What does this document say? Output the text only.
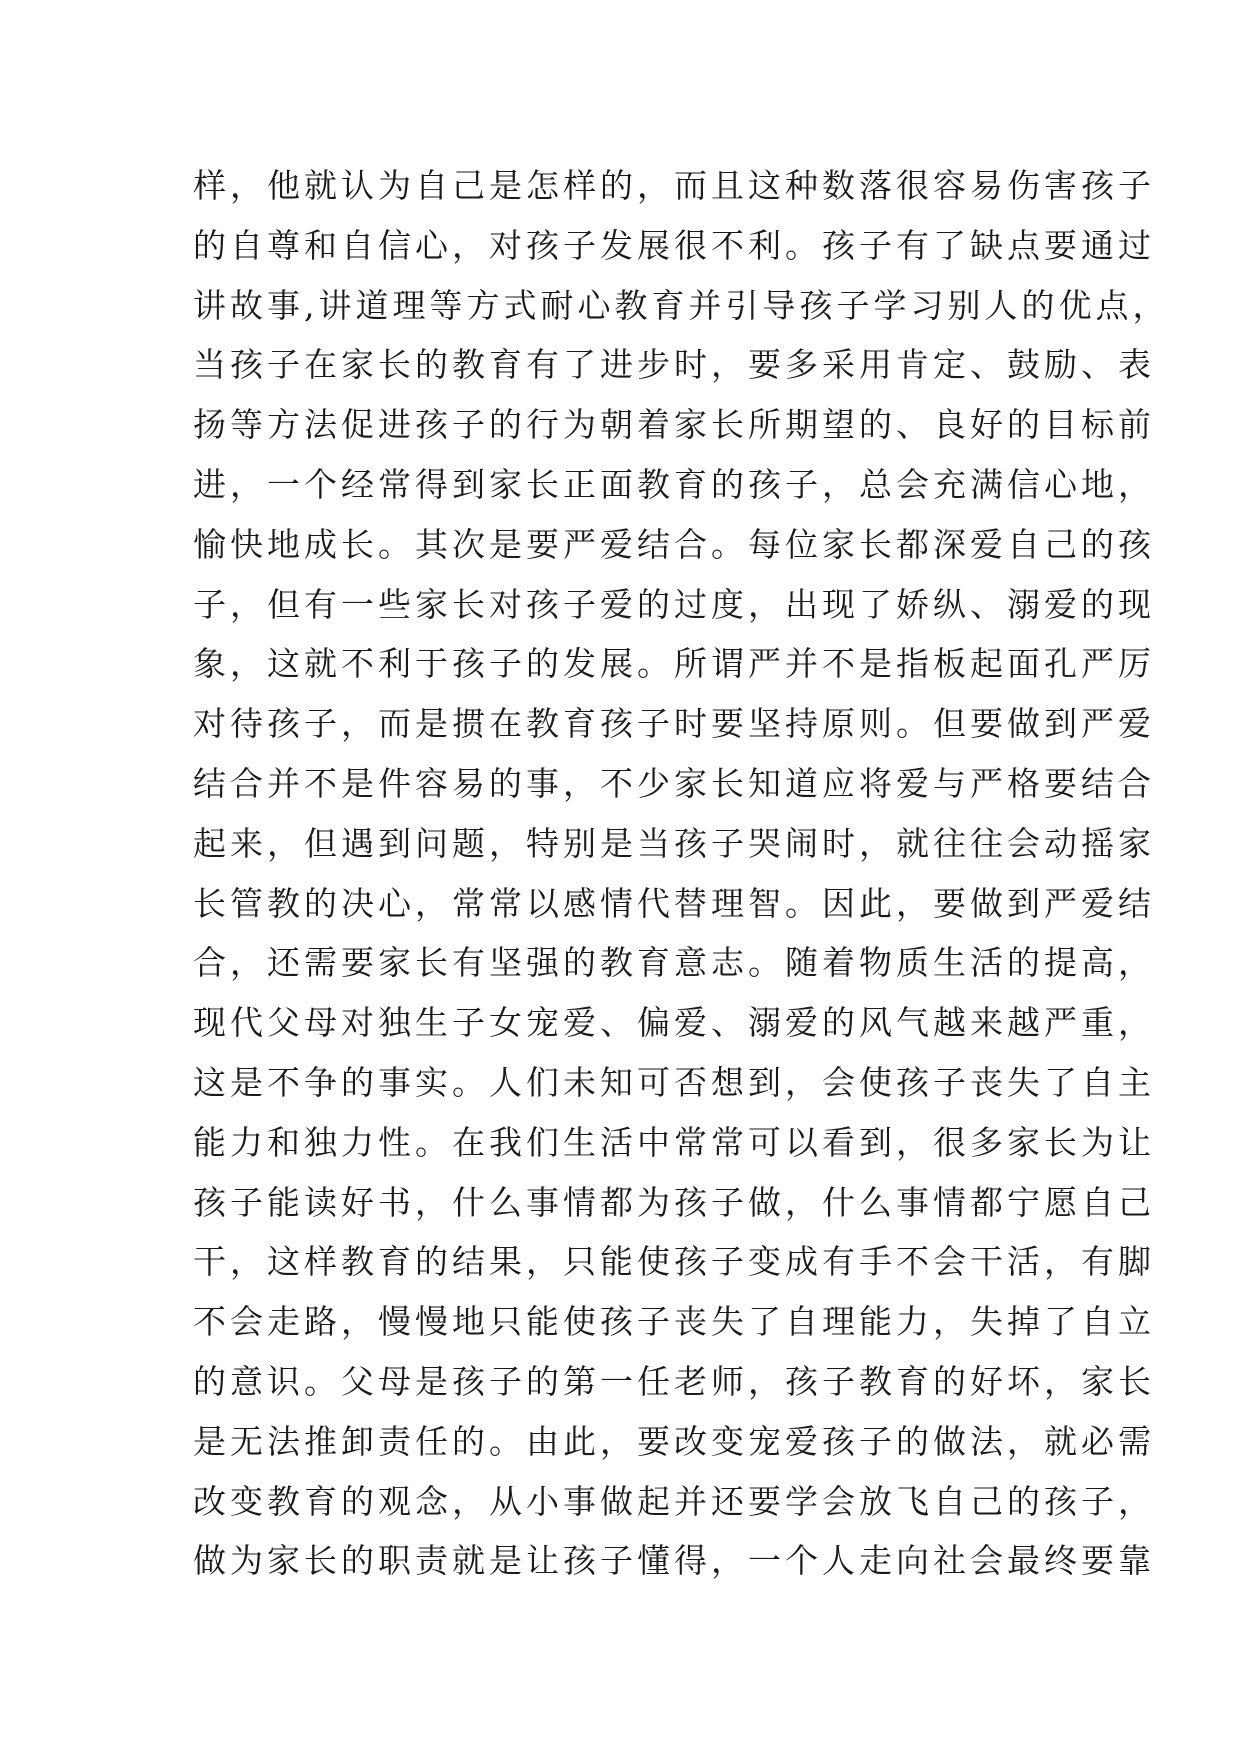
样，他就认为自己是怎样的，而且这种数落很容易伤害孩子
的自尊和自信心，对孩子发展很不利。孩子有了缺点要通过
讲故事,讲道理等方式耐心教育并引导孩子学习别人的优点，
当孩子在家长的教育有了进步时，要多采用肯定、鼓励、表
扬等方法促进孩子的行为朝着家长所期望的、良好的目标前
进，一个经常得到家长正面教育的孩子，总会充满信心地，
愉快地成长。其次是要严爱结合。每位家长都深爱自己的孩
子，但有一些家长对孩子爱的过度，出现了娇纵、溺爱的现
象，这就不利于孩子的发展。所谓严并不是指板起面孔严厉
对待孩子，而是掼在教育孩子时要坚持原则。但要做到严爱
结合并不是件容易的事，不少家长知道应将爱与严格要结合
起来，但遇到问题，特别是当孩子哭闹时，就往往会动摇家
长管教的决心，常常以感情代替理智。因此，要做到严爱结
合，还需要家长有坚强的教育意志。随着物质生活的提高，
现代父母对独生子女宠爱、偏爱、溺爱的风气越来越严重，
这是不争的事实。人们未知可否想到，会使孩子丧失了自主
能力和独力性。在我们生活中常常可以看到，很多家长为让
孩子能读好书，什么事情都为孩子做，什么事情都宁愿自己
干，这样教育的结果，只能使孩子变成有手不会干活，有脚
不会走路，慢慢地只能使孩子丧失了自理能力，失掉了自立
的意识。父母是孩子的第一任老师，孩子教育的好坏，家长
是无法推卸责任的。由此，要改变宠爱孩子的做法，就必需
改变教育的观念，从小事做起并还要学会放飞自己的孩子，
做为家长的职责就是让孩子懂得，一个人走向社会最终要靠
